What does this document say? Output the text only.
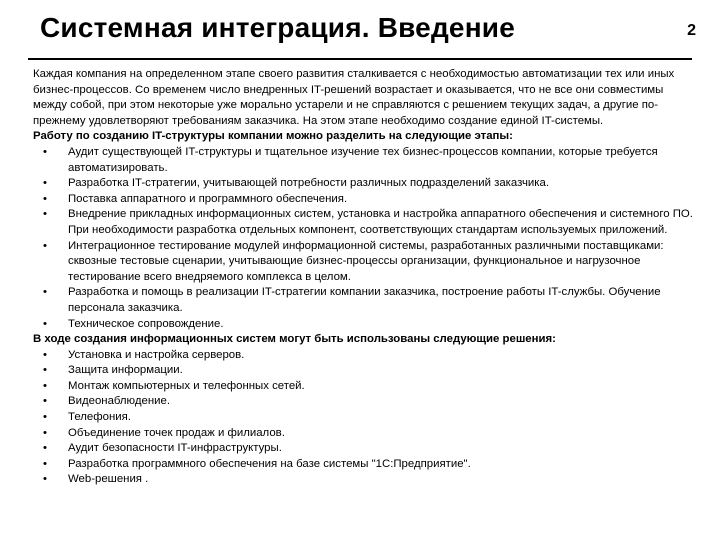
Системная интеграция. Введение	2

Каждая компания на определенном этапе своего развития сталкивается с необходимостью автоматизации тех или иных бизнес-процессов. Со временем число внедренных IT-решений возрастает и оказывается, что не все они совместимы между собой, при этом некоторые уже морально устарели и не справляются с решением текущих задач, а другие по-прежнему удовлетворяют требованиям заказчика. На этом этапе необходимо создание единой IT-системы.

Работу по созданию IT-структуры компании можно разделить на следующие этапы:

• Аудит существующей IT-структуры и тщательное изучение тех бизнес-процессов компании, которые требуется автоматизировать.
• Разработка IT-стратегии, учитывающей потребности различных подразделений заказчика.
• Поставка аппаратного и программного обеспечения.
• Внедрение прикладных информационных систем, установка и настройка аппаратного обеспечения и системного ПО. При необходимости разработка отдельных компонент, соответствующих стандартам используемых приложений.
• Интеграционное тестирование модулей информационной системы, разработанных различными поставщиками: сквозные тестовые сценарии, учитывающие бизнес-процессы организации, функциональное и нагрузочное тестирование всего внедряемого комплекса в целом.
• Разработка и помощь в реализации IT-стратегии компании заказчика, построение работы IT-службы. Обучение персонала заказчика.
• Техническое сопровождение.

В ходе создания информационных систем могут быть использованы следующие решения:

• Установка и настройка серверов.
• Защита информации.
• Монтаж компьютерных и телефонных сетей.
• Видеонаблюдение.
• Телефония.
• Объединение точек продаж и филиалов.
• Аудит безопасности IT-инфраструктуры.
• Разработка программного обеспечения на базе системы "1С:Предприятие".
• Web-решения .
